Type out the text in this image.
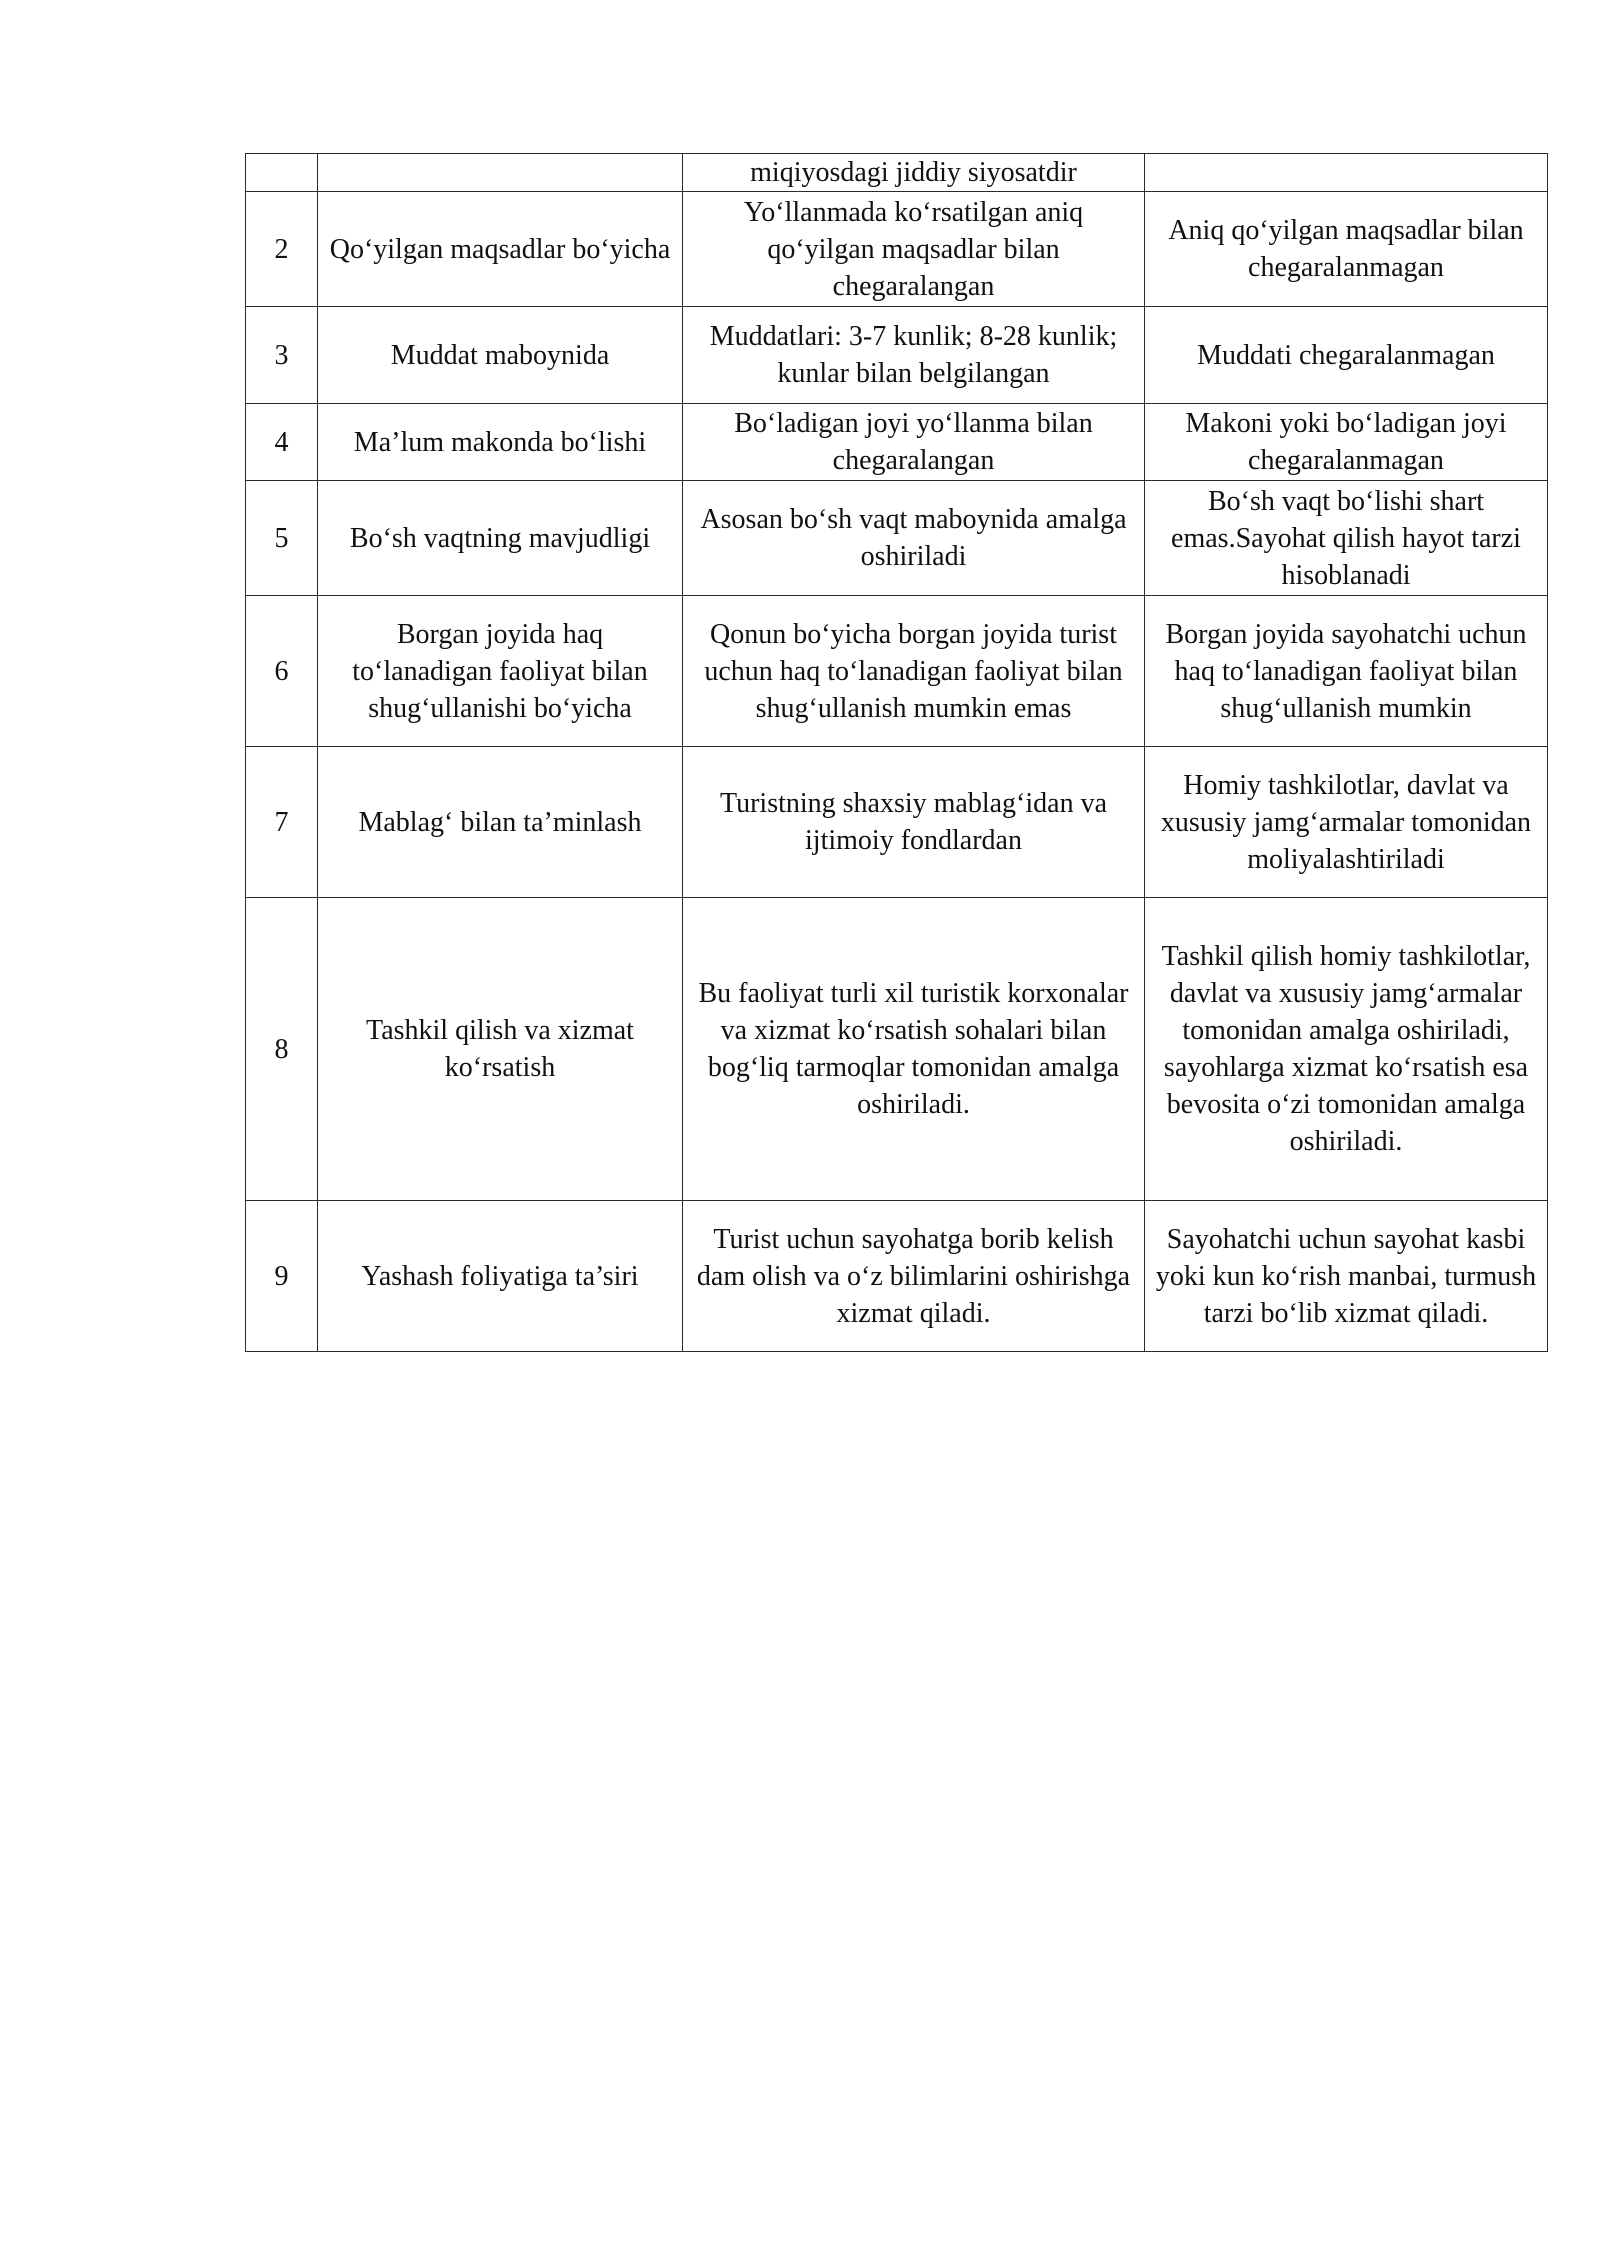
		miqiyosdagi jiddiy siyosatdir	
2	Qo‘yilgan maqsadlar bo‘yicha	Yo‘llanmada ko‘rsatilgan aniq qo‘yilgan maqsadlar bilan chegaralangan	Aniq qo‘yilgan maqsadlar bilan chegaralanmagan
3	Muddat maboynida	Muddatlari: 3-7 kunlik; 8-28 kunlik; kunlar bilan belgilangan	Muddati chegaralanmagan
4	Ma’lum makonda bo‘lishi	Bo‘ladigan joyi yo‘llanma bilan chegaralangan	Makoni yoki bo‘ladigan joyi chegaralanmagan
5	Bo‘sh vaqtning mavjudligi	Asosan bo‘sh vaqt maboynida amalga oshiriladi	Bo‘sh vaqt bo‘lishi shart emas.Sayohat qilish hayot tarzi hisoblanadi
6	Borgan joyida haq to‘lanadigan faoliyat bilan shug‘ullanishi bo‘yicha	Qonun bo‘yicha borgan joyida turist uchun haq to‘lanadigan faoliyat bilan shug‘ullanish mumkin emas	Borgan joyida sayohatchi uchun haq to‘lanadigan faoliyat bilan shug‘ullanish mumkin
7	Mablag‘ bilan ta’minlash	Turistning shaxsiy mablag‘idan va ijtimoiy fondlardan	Homiy tashkilotlar, davlat va xususiy jamg‘armalar tomonidan moliyalashtiriladi
8	Tashkil qilish va xizmat ko‘rsatish	Bu faoliyat turli xil turistik korxonalar va xizmat ko‘rsatish sohalari bilan bog‘liq tarmoqlar tomonidan amalga oshiriladi.	Tashkil qilish homiy tashkilotlar, davlat va xususiy jamg‘armalar tomonidan amalga oshiriladi, sayohlarga xizmat ko‘rsatish esa bevosita o‘zi tomonidan amalga oshiriladi.
9	Yashash foliyatiga ta’siri	Turist uchun sayohatga borib kelish dam olish va o‘z bilimlarini oshirishga xizmat qiladi.	Sayohatchi uchun sayohat kasbi yoki kun ko‘rish manbai, turmush tarzi bo‘lib xizmat qiladi.
